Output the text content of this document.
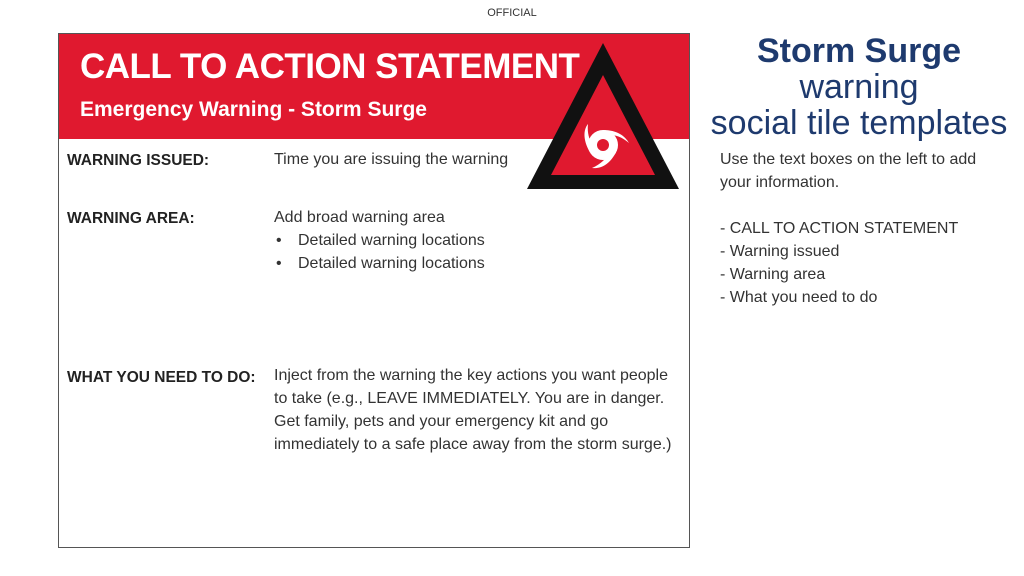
OFFICIAL
CALL TO ACTION STATEMENT
Emergency Warning - Storm Surge
WARNING ISSUED:	Time you are issuing the warning
WARNING AREA:	Add broad warning area
• Detailed warning locations
• Detailed warning locations
WHAT YOU NEED TO DO: Inject from the warning the key actions you want people to take (e.g., LEAVE IMMEDIATELY. You are in danger. Get family, pets and your emergency kit and go immediately to a safe place away from the storm surge.)
Storm Surge
warning
social tile templates
Use the text boxes on the left to add your information.
- CALL TO ACTION STATEMENT
- Warning issued
- Warning area
- What you need to do
